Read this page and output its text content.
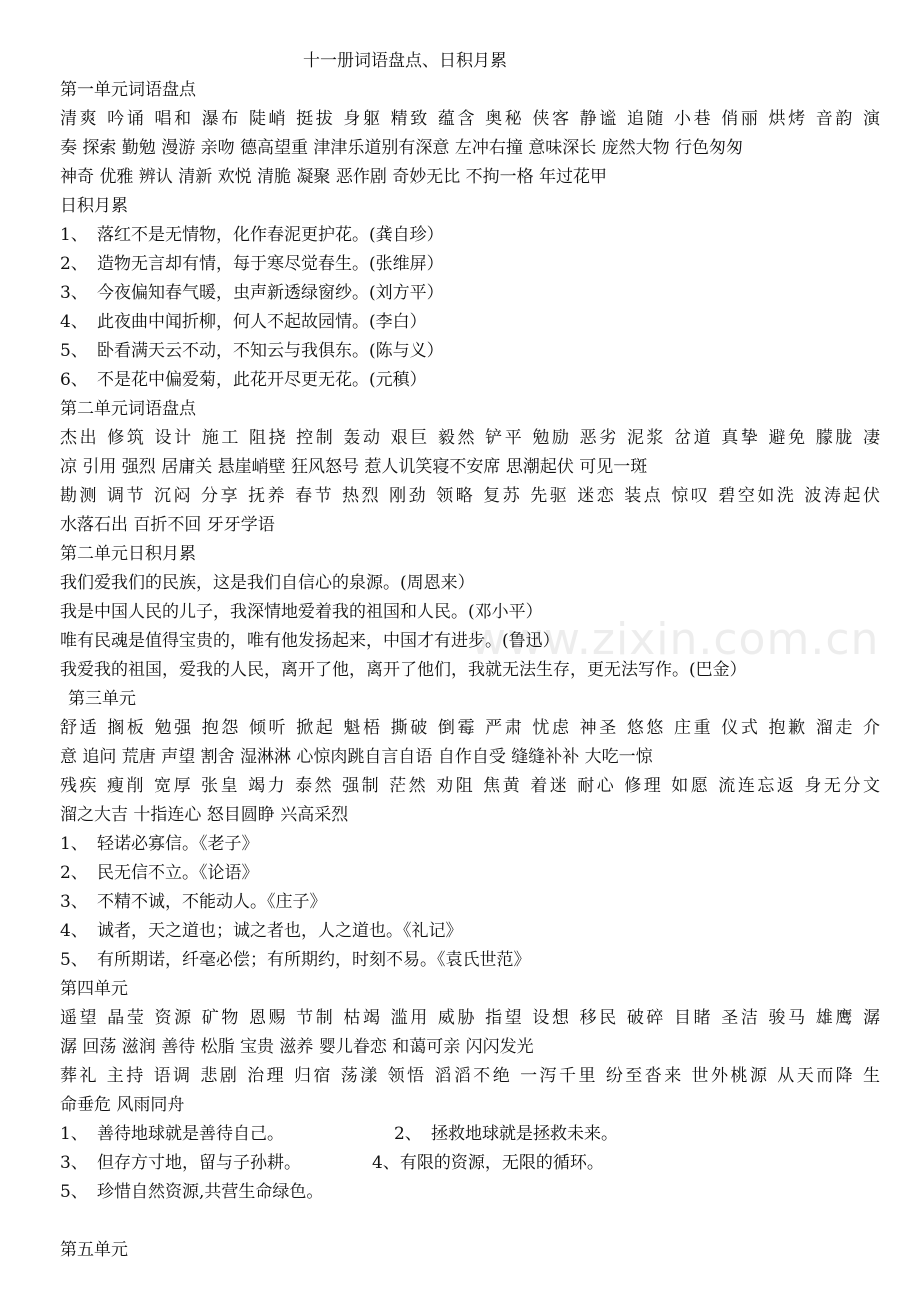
www.zixin.com.cn
十一册词语盘点、日积月累
第一单元词语盘点
清爽 吟诵 唱和 瀑布 陡峭 挺拔 身躯 精致 蕴含 奥秘 侠客 静谧 追随 小巷 俏丽 烘烤 音韵 演
奏 探索 勤勉 漫游 亲吻 德高望重 津津乐道别有深意 左冲右撞 意味深长 庞然大物 行色匆匆
神奇 优雅 辨认 清新 欢悦 清脆 凝聚 恶作剧 奇妙无比 不拘一格 年过花甲
日积月累
1、 落红不是无情物，化作春泥更护花。(龚自珍）
2、 造物无言却有情，每于寒尽觉春生。(张维屏）
3、 今夜偏知春气暖，虫声新透绿窗纱。(刘方平）
4、 此夜曲中闻折柳，何人不起故园情。(李白）
5、 卧看满天云不动，不知云与我俱东。(陈与义）
6、 不是花中偏爱菊，此花开尽更无花。(元稹）
第二单元词语盘点
杰出 修筑 设计 施工 阻挠 控制 轰动 艰巨 毅然 铲平 勉励 恶劣 泥浆 岔道 真挚 避免 朦胧 凄
凉 引用 强烈 居庸关 悬崖峭壁 狂风怒号 惹人讥笑寝不安席 思潮起伏 可见一斑
勘测 调节 沉闷 分享 抚养 春节 热烈 刚劲 领略 复苏 先驱 迷恋 装点 惊叹 碧空如洗 波涛起伏
水落石出 百折不回 牙牙学语
第二单元日积月累
我们爱我们的民族，这是我们自信心的泉源。(周恩来）
我是中国人民的儿子，我深情地爱着我的祖国和人民。(邓小平）
唯有民魂是值得宝贵的，唯有他发扬起来，中国才有进步。(鲁迅）
我爱我的祖国，爱我的人民，离开了他，离开了他们，我就无法生存，更无法写作。(巴金）
第三单元
舒适 搁板 勉强 抱怨 倾听 掀起 魁梧 撕破 倒霉 严肃 忧虑 神圣 悠悠 庄重 仪式 抱歉 溜走 介
意 追问 荒唐 声望 割舍 湿淋淋 心惊肉跳自言自语 自作自受 缝缝补补 大吃一惊
残疾 瘦削 宽厚 张皇 竭力 泰然 强制 茫然 劝阻 焦黄 着迷 耐心 修理 如愿 流连忘返 身无分文
溜之大吉 十指连心 怒目圆睁 兴高采烈
1、 轻诺必寡信。《老子》
2、 民无信不立。《论语》
3、 不精不诚，不能动人。《庄子》
4、 诚者，天之道也；诚之者也，人之道也。《礼记》
5、 有所期诺，纤毫必偿；有所期约，时刻不易。《袁氏世范》
第四单元
遥望 晶莹 资源 矿物 恩赐 节制 枯竭 滥用 威胁 指望 设想 移民 破碎 目睹 圣洁 骏马 雄鹰 潺
潺 回荡 滋润 善待 松脂 宝贵 滋养 婴儿眷恋 和蔼可亲 闪闪发光
葬礼 主持 语调 悲剧 治理 归宿 荡漾 领悟 滔滔不绝 一泻千里 纷至沓来 世外桃源 从天而降 生
命垂危 风雨同舟
1、 善待地球就是善待自己。	2、 拯救地球就是拯救未来。
3、 但存方寸地，留与子孙耕。	4、有限的资源，无限的循环。
5、 珍惜自然资源,共营生命绿色。
第五单元
